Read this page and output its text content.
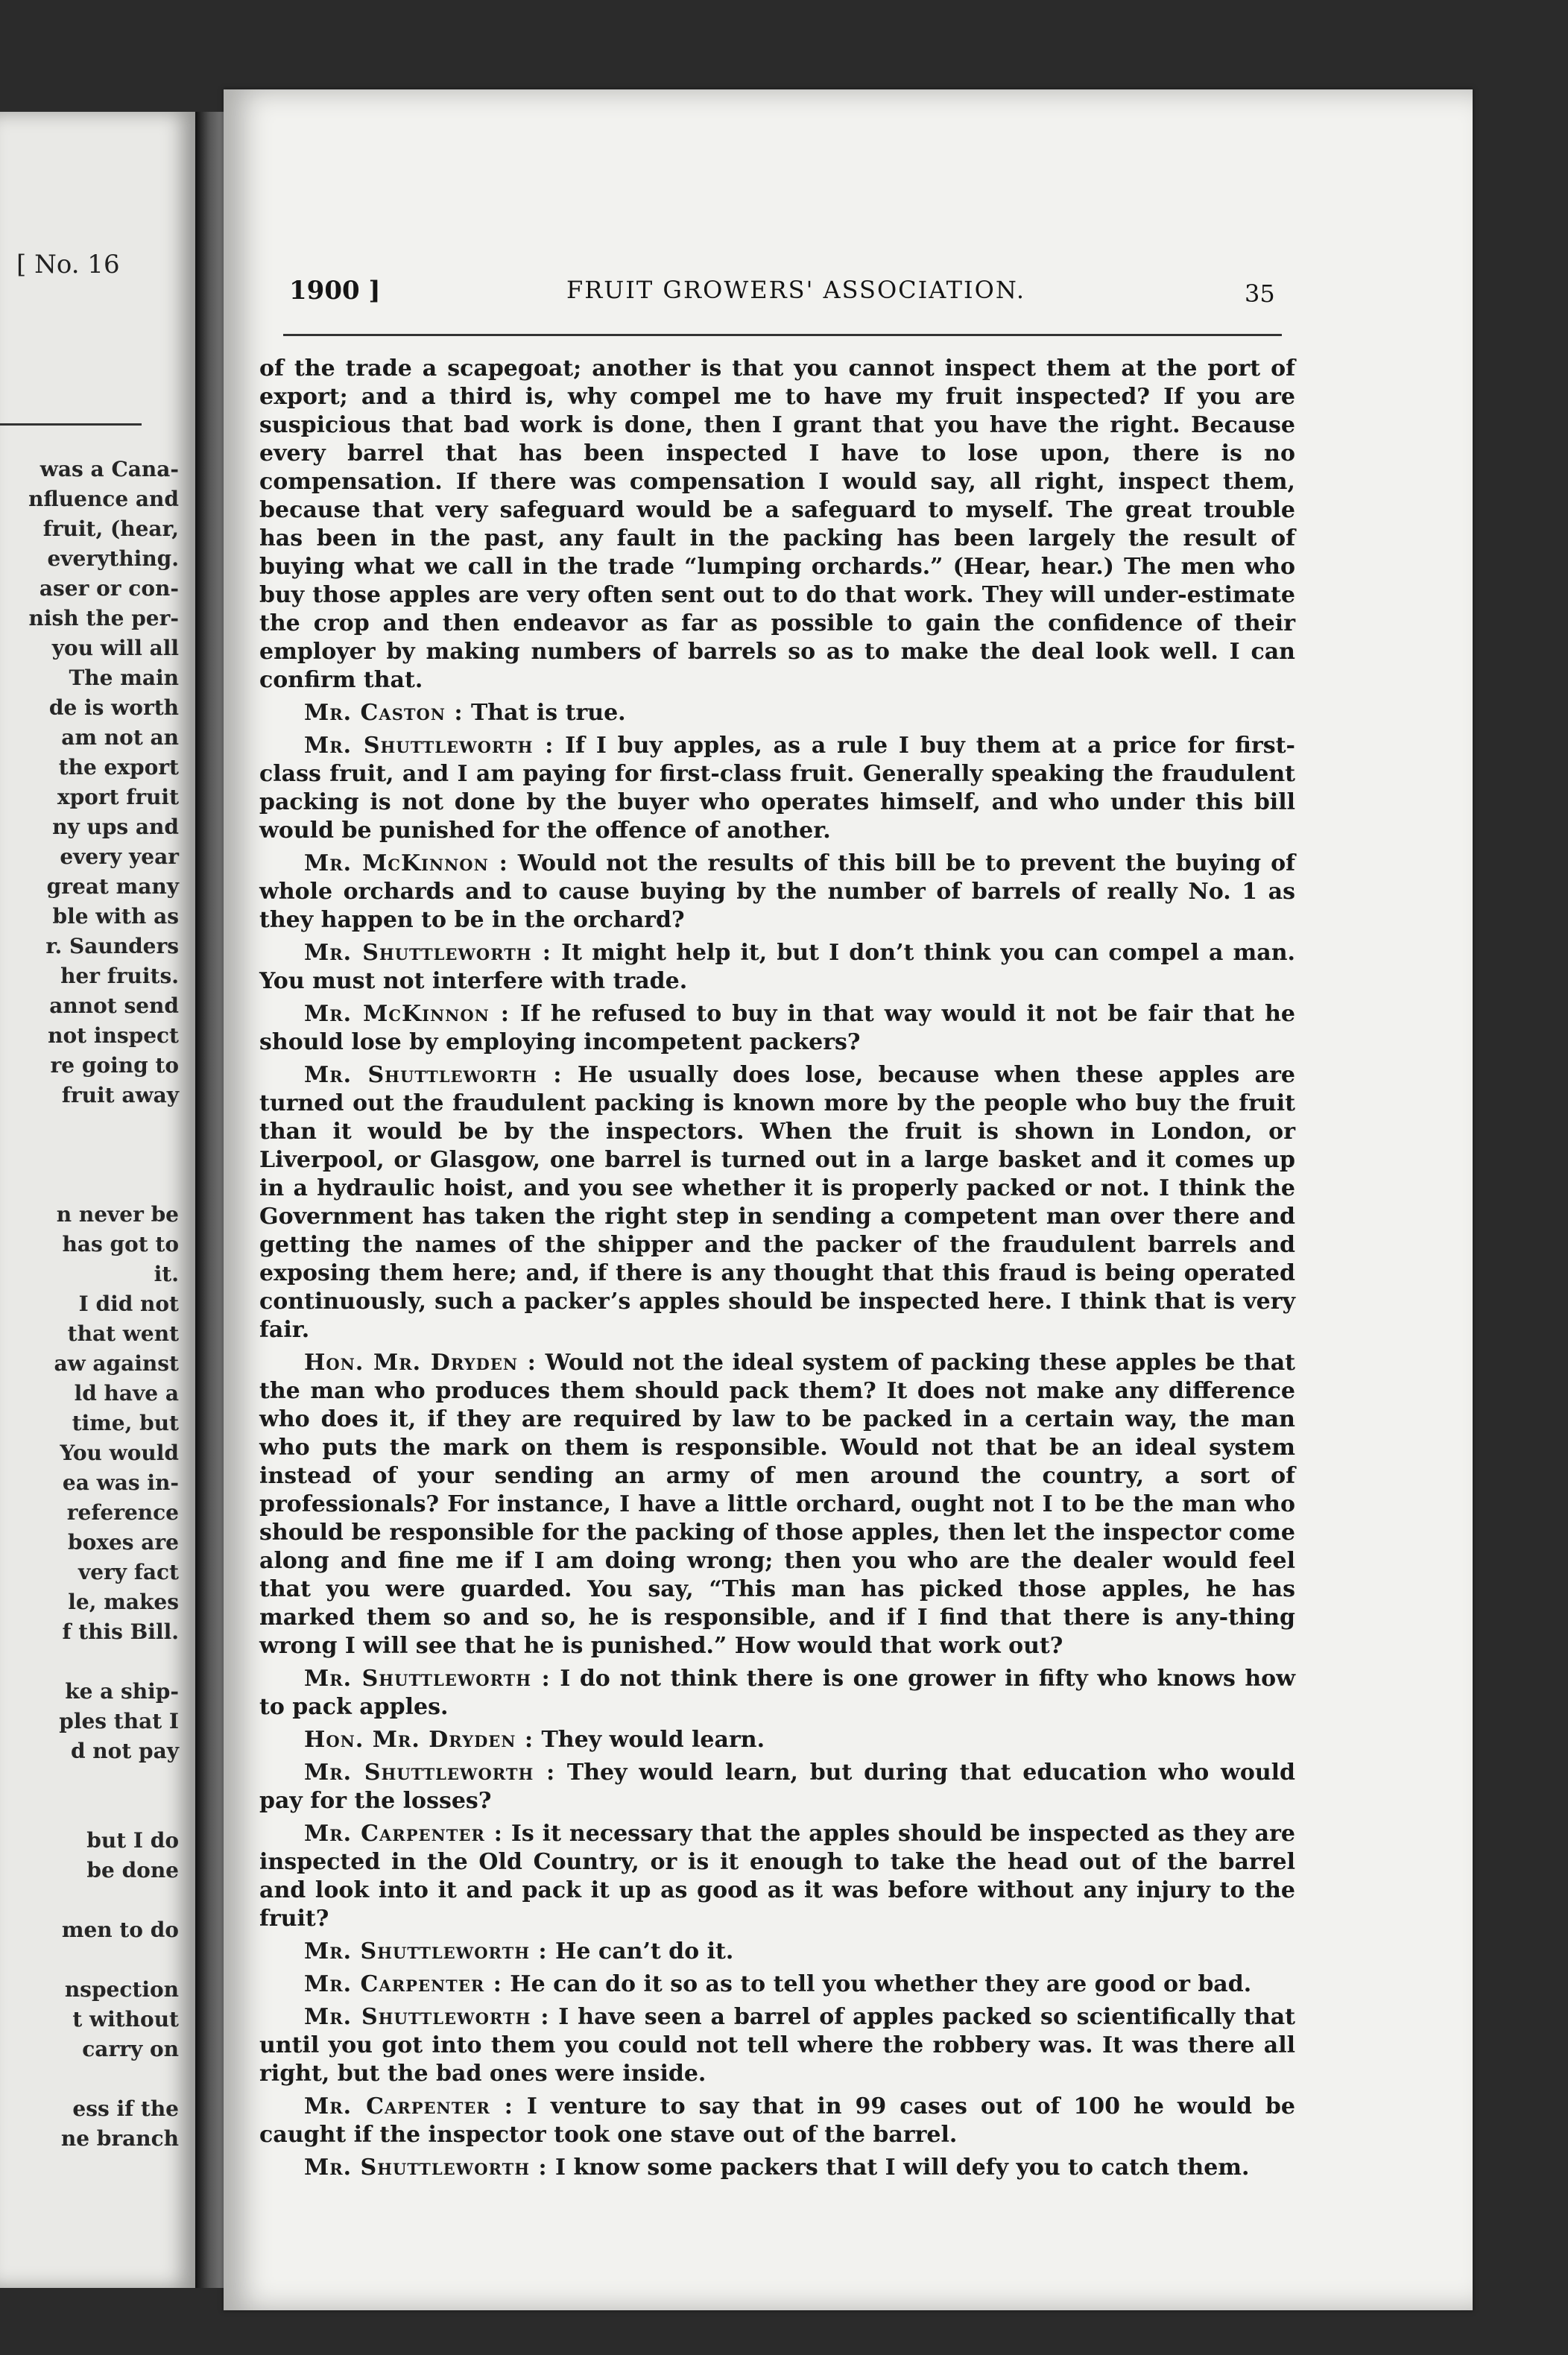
[ No. 16
was a Cana-
nfluence and
fruit, (hear,
everything.
aser or con-
nish the per-
you will all
The main
de is worth
am not an
the export
xport fruit
ny ups and
every year
great many
ble with as
r. Saunders
her fruits.
annot send
not inspect
re going to
fruit away
n never be
has got to
it.
I did not
that went
aw against
ld have a
time, but
You would
ea was in-
reference
boxes are
very fact
le, makes
f this Bill.
ke a ship-
ples that I
d not pay
but I do
be done
men to do
nspection
t without
carry on
ess if the
ne branch
1900 ]	FRUIT GROWERS' ASSOCIATION.	35

of the trade a scapegoat; another is that you cannot inspect them at the port of export; and a third is, why compel me to have my fruit inspected? If you are suspicious that bad work is done, then I grant that you have the right. Because every barrel that has been inspected I have to lose upon, there is no compensation. If there was compensation I would say, all right, inspect them, because that very safeguard would be a safeguard to myself. The great trouble has been in the past, any fault in the packing has been largely the result of buying what we call in the trade “lumping orchards.” (Hear, hear.) The men who buy those apples are very often sent out to do that work. They will under-estimate the crop and then endeavor as far as possible to gain the confidence of their employer by making numbers of barrels so as to make the deal look well. I can confirm that.

Mr. Caston : That is true.

Mr. Shuttleworth : If I buy apples, as a rule I buy them at a price for first-class fruit, and I am paying for first-class fruit. Generally speaking the fraudulent packing is not done by the buyer who operates himself, and who under this bill would be punished for the offence of another.

Mr. McKinnon : Would not the results of this bill be to prevent the buying of whole orchards and to cause buying by the number of barrels of really No. 1 as they happen to be in the orchard?

Mr. Shuttleworth : It might help it, but I don’t think you can compel a man. You must not interfere with trade.

Mr. McKinnon : If he refused to buy in that way would it not be fair that he should lose by employing incompetent packers?

Mr. Shuttleworth : He usually does lose, because when these apples are turned out the fraudulent packing is known more by the people who buy the fruit than it would be by the inspectors. When the fruit is shown in London, or Liverpool, or Glasgow, one barrel is turned out in a large basket and it comes up in a hydraulic hoist, and you see whether it is properly packed or not. I think the Government has taken the right step in sending a competent man over there and getting the names of the shipper and the packer of the fraudulent barrels and exposing them here; and, if there is any thought that this fraud is being operated continuously, such a packer’s apples should be inspected here. I think that is very fair.

Hon. Mr. Dryden : Would not the ideal system of packing these apples be that the man who produces them should pack them? It does not make any difference who does it, if they are required by law to be packed in a certain way, the man who puts the mark on them is responsible. Would not that be an ideal system instead of your sending an army of men around the country, a sort of professionals? For instance, I have a little orchard, ought not I to be the man who should be responsible for the packing of those apples, then let the inspector come along and fine me if I am doing wrong; then you who are the dealer would feel that you were guarded. You say, “This man has picked those apples, he has marked them so and so, he is responsible, and if I find that there is any-thing wrong I will see that he is punished.” How would that work out?

Mr. Shuttleworth : I do not think there is one grower in fifty who knows how to pack apples.

Hon. Mr. Dryden : They would learn.

Mr. Shuttleworth : They would learn, but during that education who would pay for the losses?

Mr. Carpenter : Is it necessary that the apples should be inspected as they are inspected in the Old Country, or is it enough to take the head out of the barrel and look into it and pack it up as good as it was before without any injury to the fruit?

Mr. Shuttleworth : He can’t do it.

Mr. Carpenter : He can do it so as to tell you whether they are good or bad.

Mr. Shuttleworth : I have seen a barrel of apples packed so scientifically that until you got into them you could not tell where the robbery was. It was there all right, but the bad ones were inside.

Mr. Carpenter : I venture to say that in 99 cases out of 100 he would be caught if the inspector took one stave out of the barrel.

Mr. Shuttleworth : I know some packers that I will defy you to catch them.
